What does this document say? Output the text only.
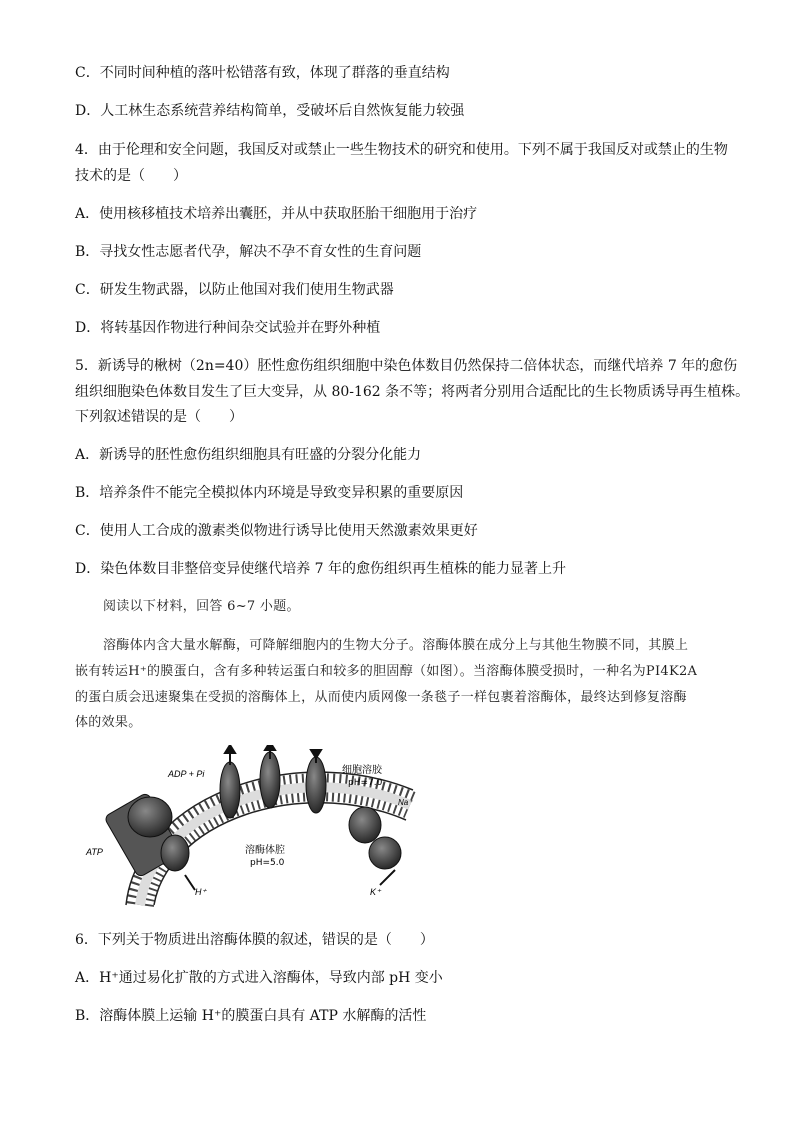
C．不同时间种植的落叶松错落有致，体现了群落的垂直结构
D．人工林生态系统营养结构简单，受破坏后自然恢复能力较强
4．由于伦理和安全问题，我国反对或禁止一些生物技术的研究和使用。下列不属于我国反对或禁止的生物
技术的是（　　）
A．使用核移植技术培养出囊胚，并从中获取胚胎干细胞用于治疗
B．寻找女性志愿者代孕，解决不孕不育女性的生育问题
C．研发生物武器，以防止他国对我们使用生物武器
D．将转基因作物进行种间杂交试验并在野外种植
5．新诱导的楸树（2n=40）胚性愈伤组织细胞中染色体数目仍然保持二倍体状态，而继代培养 7 年的愈伤
组织细胞染色体数目发生了巨大变异，从 80-162 条不等；将两者分别用合适配比的生长物质诱导再生植株。
下列叙述错误的是（　　）
A．新诱导的胚性愈伤组织细胞具有旺盛的分裂分化能力
B．培养条件不能完全模拟体内环境是导致变异积累的重要原因
C．使用人工合成的激素类似物进行诱导比使用天然激素效果更好
D．染色体数目非整倍变异使继代培养 7 年的愈伤组织再生植株的能力显著上升
阅读以下材料，回答 6~7 小题。
溶酶体内含大量水解酶，可降解细胞内的生物大分子。溶酶体膜在成分上与其他生物膜不同，其膜上
嵌有转运H⁺的膜蛋白，含有多种转运蛋白和较多的胆固醇（如图）。当溶酶体膜受损时，一种名为PI4K2A
的蛋白质会迅速聚集在受损的溶酶体上，从而使内质网像一条毯子一样包裹着溶酶体，最终达到修复溶酶
体的效果。
ADP + Pi
ATP
H⁺
细胞溶胶
pH=7.0
溶酶体腔
pH=5.0
Na⁺
K⁺
6．下列关于物质进出溶酶体膜的叙述，错误的是（　　）
A．H⁺通过易化扩散的方式进入溶酶体，导致内部 pH 变小
B．溶酶体膜上运输 H⁺的膜蛋白具有 ATP 水解酶的活性
